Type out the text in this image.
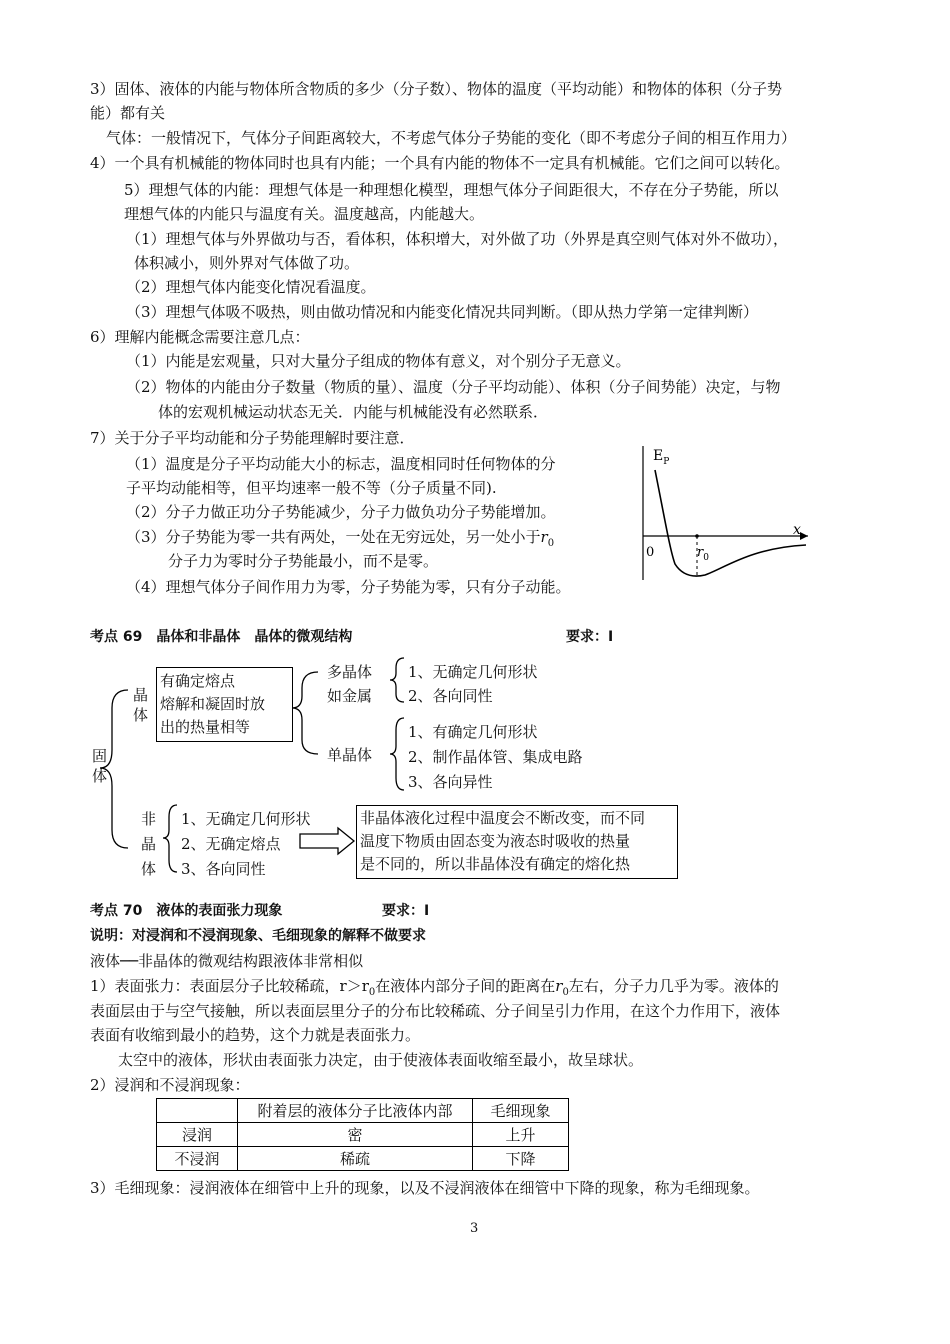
3）固体、液体的内能与物体所含物质的多少（分子数）、物体的温度（平均动能）和物体的体积（分子势
能）都有关
气体：一般情况下，气体分子间距离较大，不考虑气体分子势能的变化（即不考虑分子间的相互作用力）
4）一个具有机械能的物体同时也具有内能；一个具有内能的物体不一定具有机械能。它们之间可以转化。
5）理想气体的内能：理想气体是一种理想化模型，理想气体分子间距很大，不存在分子势能，所以
理想气体的内能只与温度有关。温度越高，内能越大。
（1）理想气体与外界做功与否，看体积，体积增大，对外做了功（外界是真空则气体对外不做功），
体积减小，则外界对气体做了功。
（2）理想气体内能变化情况看温度。
（3）理想气体吸不吸热，则由做功情况和内能变化情况共同判断。（即从热力学第一定律判断）
6）理解内能概念需要注意几点：
（1）内能是宏观量，只对大量分子组成的物体有意义，对个别分子无意义。
（2）物体的内能由分子数量（物质的量）、温度（分子平均动能）、体积（分子间势能）决定，与物
体的宏观机械运动状态无关．内能与机械能没有必然联系．
7）关于分子平均动能和分子势能理解时要注意．
（1）温度是分子平均动能大小的标志，温度相同时任何物体的分
子平均动能相等，但平均速率一般不等（分子质量不同).
（2）分子力做正功分子势能减少，分子力做负功分子势能增加。
（3）分子势能为零一共有两处，一处在无穷远处，另一处小于$r_0$
分子力为零时分子势能最小，而不是零。
（4）理想气体分子间作用力为零，分子势能为零，只有分子动能。
$E_P$
x
0	$r_0$
考点 69　晶体和非晶体　晶体的微观结构	要求：Ⅰ
固
体
晶
体
有确定熔点
熔解和凝固时放
出的热量相等
多晶体
如金属
1、无确定几何形状
2、各向同性
单晶体
1、有确定几何形状
2、制作晶体管、集成电路
3、各向异性
非
晶
体
1、无确定几何形状
2、无确定熔点
3、各向同性
非晶体液化过程中温度会不断改变，而不同
温度下物质由固态变为液态时吸收的热量
是不同的，所以非晶体没有确定的熔化热
考点 70　液体的表面张力现象	要求：Ⅰ
说明：对浸润和不浸润现象、毛细现象的解释不做要求
液体──非晶体的微观结构跟液体非常相似
1）表面张力：表面层分子比较稀疏，$r>r_0$在液体内部分子间的距离在$r_0$左右，分子力几乎为零。液体的
表面层由于与空气接触，所以表面层里分子的分布比较稀疏、分子间呈引力作用，在这个力作用下，液体
表面有收缩到最小的趋势，这个力就是表面张力。
太空中的液体，形状由表面张力决定，由于使液体表面收缩至最小，故呈球状。
2）浸润和不浸润现象：
	附着层的液体分子比液体内部	毛细现象
浸润	密	上升
不浸润	稀疏	下降
3）毛细现象：浸润液体在细管中上升的现象，以及不浸润液体在细管中下降的现象，称为毛细现象。
3
